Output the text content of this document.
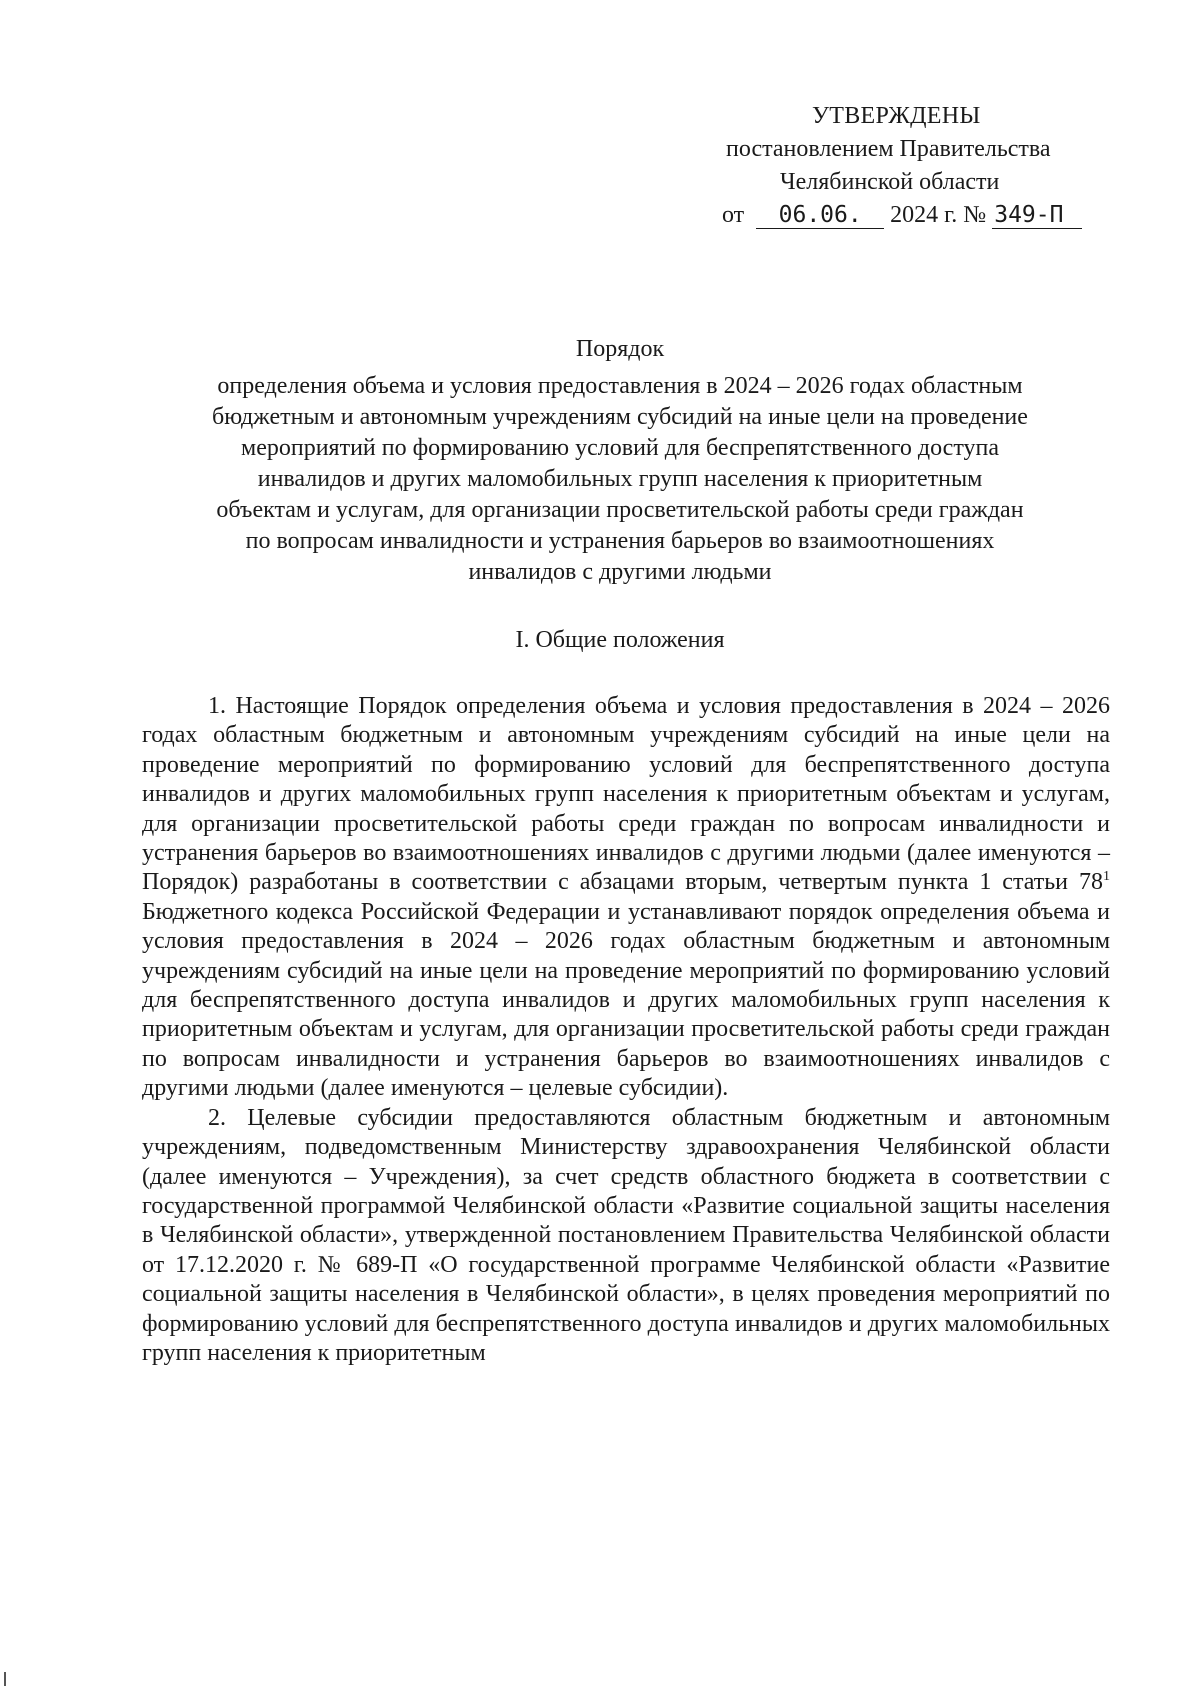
УТВЕРЖДЕНЫ
постановлением Правительства
Челябинской области
от 06.06. 2024 г. № 349-П
Порядок
определения объема и условия предоставления в 2024 – 2026 годах областным
бюджетным и автономным учреждениям субсидий на иные цели на проведение
мероприятий по формированию условий для беспрепятственного доступа
инвалидов и других маломобильных групп населения к приоритетным
объектам и услугам, для организации просветительской работы среди граждан
по вопросам инвалидности и устранения барьеров во взаимоотношениях
инвалидов с другими людьми
I. Общие положения

1. Настоящие Порядок определения объема и условия предоставления в 2024 – 2026 годах областным бюджетным и автономным учреждениям субсидий на иные цели на проведение мероприятий по формированию условий для беспрепятственного доступа инвалидов и других маломобильных групп населения к приоритетным объектам и услугам, для организации просветительской работы среди граждан по вопросам инвалидности и устранения барьеров во взаимоотношениях инвалидов с другими людьми (далее именуются – Порядок) разработаны в соответствии с абзацами вторым, четвертым пункта 1 статьи $78^1$ Бюджетного кодекса Российской Федерации и устанавливают порядок определения объема и условия предоставления в 2024 – 2026 годах областным бюджетным и автономным учреждениям субсидий на иные цели на проведение мероприятий по формированию условий для беспрепятственного доступа инвалидов и других маломобильных групп населения к приоритетным объектам и услугам, для организации просветительской работы среди граждан по вопросам инвалидности и устранения барьеров во взаимоотношениях инвалидов с другими людьми (далее именуются – целевые субсидии).

2. Целевые субсидии предоставляются областным бюджетным и автономным учреждениям, подведомственным Министерству здравоохранения Челябинской области (далее именуются – Учреждения), за счет средств областного бюджета в соответствии с государственной программой Челябинской области «Развитие социальной защиты населения в Челябинской области», утвержденной постановлением Правительства Челябинской области от 17.12.2020 г. № 689-П «О государственной программе Челябинской области «Развитие социальной защиты населения в Челябинской области», в целях проведения мероприятий по формированию условий для беспрепятственного доступа инвалидов и других маломобильных групп населения к приоритетным
